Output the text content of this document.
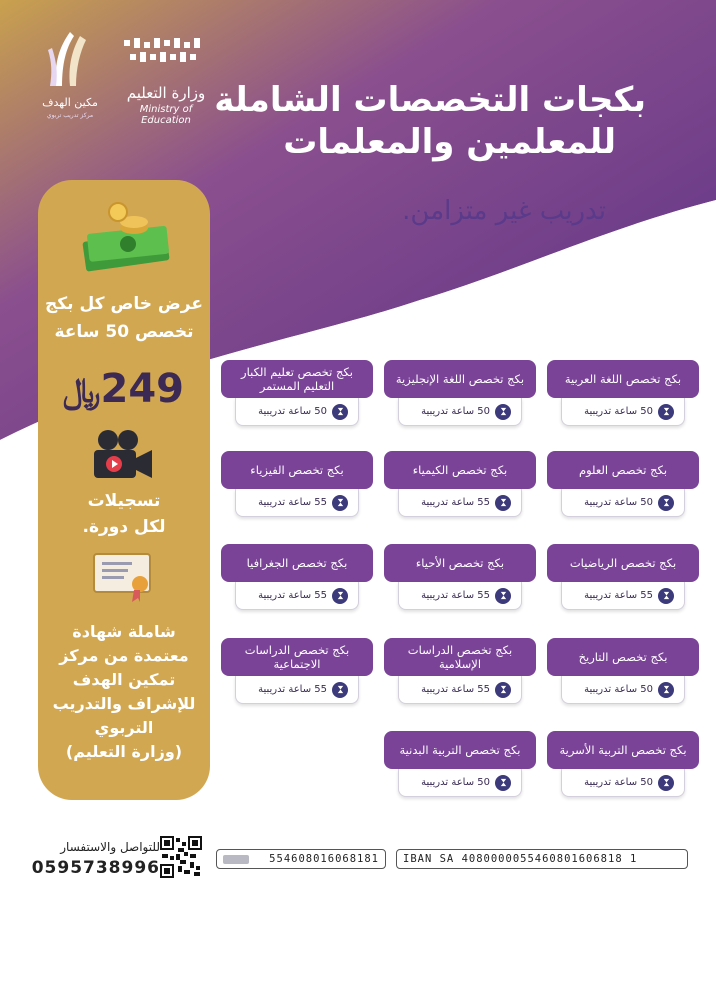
مكين الهدف
مركز تدريب تربوي
وزارة التعليم
Ministry of Education
بكجات التخصصات الشاملة
للمعلمين والمعلمات
تدريب غير متزامن.
عرض خاص كل بكج
تخصص 50 ساعة
249﷼
تسجيلات
لكل دورة.
شاملة شهادة
معتمدة من مركز
تمكين الهدف
للإشراف والتدريب
التربوي
(وزارة التعليم)
بكج تخصص اللغة العربية
50 ساعة تدريبية
بكج تخصص اللغة الإنجليزية
50 ساعة تدريبية
بكج تخصص تعليم الكبار التعليم المستمر
50 ساعة تدريبية
بكج تخصص العلوم
50 ساعة تدريبية
بكج تخصص الكيمياء
55 ساعة تدريبية
بكج تخصص الفيزياء
55 ساعة تدريبية
بكج تخصص الرياضيات
55 ساعة تدريبية
بكج تخصص الأحياء
55 ساعة تدريبية
بكج تخصص الجغرافيا
55 ساعة تدريبية
بكج تخصص التاريخ
50 ساعة تدريبية
بكج تخصص الدراسات الإسلامية
55 ساعة تدريبية
بكج تخصص الدراسات الاجتماعية
55 ساعة تدريبية
بكج تخصص التربية الأسرية
50 ساعة تدريبية
بكج تخصص التربية البدنية
50 ساعة تدريبية
للتواصل والاستفسار
0595738996	554608016068181	IBAN SA 4080000055460801606818 1
